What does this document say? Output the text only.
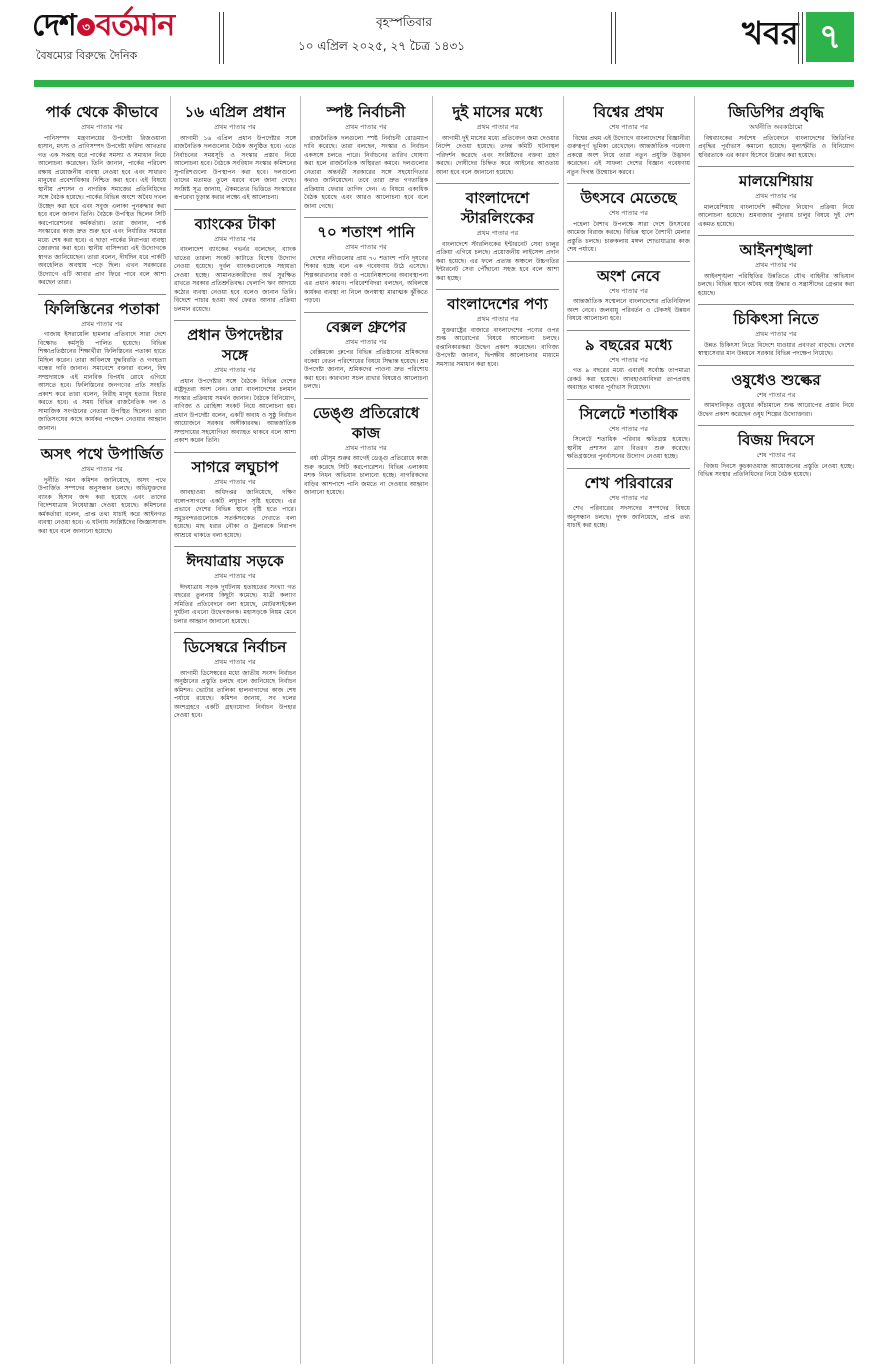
দেশ ৩ বর্তমান
বৈষম্যের বিরুদ্ধে দৈনিক
বৃহস্পতিবার
১০ এপ্রিল ২০২৫, ২৭ চৈত্র ১৪৩১	খবর ৭
পার্ক থেকে কীভাবে
প্রথম পাতার পর

পানিসম্পদ মন্ত্রণালয়ের উপদেষ্টা রিজওয়ানা হাসান, মৎস্য ও প্রাণিসম্পদ উপদেষ্টা ফরিদা আখতার গত এক সপ্তাহ ধরে পার্কের সমস্যা ও সমাধান নিয়ে আলোচনা করেছেন। তিনি জানান, পার্কের পরিবেশ রক্ষায় প্রয়োজনীয় ব্যবস্থা নেওয়া হবে এবং সাধারণ মানুষের প্রবেশাধিকার নিশ্চিত করা হবে। এই বিষয়ে স্থানীয় প্রশাসন ও নাগরিক সমাজের প্রতিনিধিদের সঙ্গে বৈঠক হয়েছে। পার্কের বিভিন্ন অংশে অবৈধ দখল উচ্ছেদ করা হবে এবং সবুজ এলাকা পুনরুদ্ধার করা হবে বলে জানান তিনি। বৈঠকে উপস্থিত ছিলেন সিটি করপোরেশনের কর্মকর্তারা। তারা জানান, পার্ক সংস্কারের কাজ দ্রুত শুরু হবে এবং নির্ধারিত সময়ের মধ্যে শেষ করা হবে। এ ছাড়া পার্কের নিরাপত্তা ব্যবস্থা জোরদার করা হবে। স্থানীয় বাসিন্দারা এই উদ্যোগকে স্বাগত জানিয়েছেন। তারা বলেন, দীর্ঘদিন ধরে পার্কটি অবহেলিত অবস্থায় পড়ে ছিল। এখন সরকারের উদ্যোগে এটি আবার প্রাণ ফিরে পাবে বলে আশা করছেন তারা।

ফিলিস্তিনের পতাকা
প্রথম পাতার পর

গাজায় ইসরায়েলি হামলার প্রতিবাদে সারা দেশে বিক্ষোভ কর্মসূচি পালিত হয়েছে। বিভিন্ন শিক্ষাপ্রতিষ্ঠানের শিক্ষার্থীরা ফিলিস্তিনের পতাকা হাতে মিছিল করেন। তারা অবিলম্বে যুদ্ধবিরতি ও গণহত্যা বন্ধের দাবি জানান। সমাবেশে বক্তারা বলেন, বিশ্ব সম্প্রদায়কে এই মানবিক বিপর্যয় রোধে এগিয়ে আসতে হবে। ফিলিস্তিনের জনগণের প্রতি সংহতি প্রকাশ করে তারা বলেন, নিরীহ মানুষ হত্যার বিচার করতে হবে। এ সময় বিভিন্ন রাজনৈতিক দল ও সামাজিক সংগঠনের নেতারা উপস্থিত ছিলেন। তারা জাতিসংঘের কাছে কার্যকর পদক্ষেপ নেওয়ার আহ্বান জানান।

অসৎ পথে উপার্জিত
প্রথম পাতার পর

দুর্নীতি দমন কমিশন জানিয়েছে, অসৎ পথে উপার্জিত সম্পদের অনুসন্ধান চলছে। অভিযুক্তদের ব্যাংক হিসাব জব্দ করা হয়েছে এবং তাদের বিদেশযাত্রায় নিষেধাজ্ঞা দেওয়া হয়েছে। কমিশনের কর্মকর্তারা বলেন, প্রাপ্ত তথ্য যাচাই করে আইনগত ব্যবস্থা নেওয়া হবে। এ ঘটনায় সংশ্লিষ্টদের জিজ্ঞাসাবাদ করা হবে বলে জানানো হয়েছে।

১৬ এপ্রিল প্রধান
প্রথম পাতার পর

আগামী ১৬ এপ্রিল প্রধান উপদেষ্টার সঙ্গে রাজনৈতিক দলগুলোর বৈঠক অনুষ্ঠিত হবে। এতে নির্বাচনের সময়সূচি ও সংস্কার প্রস্তাব নিয়ে আলোচনা হবে। বৈঠকে সংবিধান সংস্কার কমিশনের সুপারিশগুলো উপস্থাপন করা হবে। দলগুলো তাদের মতামত তুলে ধরবে বলে জানা গেছে। সংশ্লিষ্ট সূত্র জানায়, ঐকমত্যের ভিত্তিতে সংস্কারের রূপরেখা চূড়ান্ত করার লক্ষ্যে এই আলোচনা।

ব্যাংকের টাকা
প্রথম পাতার পর

বাংলাদেশ ব্যাংকের গভর্নর বলেছেন, ব্যাংক খাতের তারল্য সংকট কাটাতে বিশেষ উদ্যোগ নেওয়া হয়েছে। দুর্বল ব্যাংকগুলোকে সহায়তা দেওয়া হচ্ছে। আমানতকারীদের অর্থ সুরক্ষিত রাখতে সরকার প্রতিশ্রুতিবদ্ধ। খেলাপি ঋণ আদায়ে কঠোর ব্যবস্থা নেওয়া হবে বলেও জানান তিনি। বিদেশে পাচার হওয়া অর্থ ফেরত আনার প্রক্রিয়া চলমান রয়েছে।

প্রধান উপদেষ্টার সঙ্গে
প্রথম পাতার পর

প্রধান উপদেষ্টার সঙ্গে বৈঠকে বিভিন্ন দেশের রাষ্ট্রদূতরা অংশ নেন। তারা বাংলাদেশের চলমান সংস্কার প্রক্রিয়ায় সমর্থন জানান। বৈঠকে বিনিয়োগ, বাণিজ্য ও রোহিঙ্গা সংকট নিয়ে আলোচনা হয়। প্রধান উপদেষ্টা বলেন, একটি অবাধ ও সুষ্ঠু নির্বাচন আয়োজনে সরকার অঙ্গীকারবদ্ধ। আন্তর্জাতিক সম্প্রদায়ের সহযোগিতা অব্যাহত থাকবে বলে আশা প্রকাশ করেন তিনি।

সাগরে লঘুচাপ
প্রথম পাতার পর

আবহাওয়া অধিদপ্তর জানিয়েছে, দক্ষিণ বঙ্গোপসাগরে একটি লঘুচাপ সৃষ্টি হয়েছে। এর প্রভাবে দেশের বিভিন্ন স্থানে বৃষ্টি হতে পারে। সমুদ্রবন্দরগুলোকে সতর্কসংকেত দেখাতে বলা হয়েছে। মাছ ধরার নৌকা ও ট্রলারকে নিরাপদ আশ্রয়ে থাকতে বলা হয়েছে।

ঈদযাত্রায় সড়কে
প্রথম পাতার পর

ঈদযাত্রায় সড়ক দুর্ঘটনায় হতাহতের সংখ্যা গত বছরের তুলনায় কিছুটা কমেছে। যাত্রী কল্যাণ সমিতির প্রতিবেদনে বলা হয়েছে, মোটরসাইকেল দুর্ঘটনা এখনো উদ্বেগজনক। মহাসড়কে নিয়ম মেনে চলার আহ্বান জানানো হয়েছে।

ডিসেম্বরে নির্বাচন
প্রথম পাতার পর

আগামী ডিসেম্বরের মধ্যে জাতীয় সংসদ নির্বাচন অনুষ্ঠানের প্রস্তুতি চলছে বলে জানিয়েছে নির্বাচন কমিশন। ভোটার তালিকা হালনাগাদের কাজ শেষ পর্যায়ে রয়েছে। কমিশন জানায়, সব দলের অংশগ্রহণে একটি গ্রহণযোগ্য নির্বাচন উপহার দেওয়া হবে।

স্পষ্ট নির্বাচনী
প্রথম পাতার পর

রাজনৈতিক দলগুলো স্পষ্ট নির্বাচনী রোডম্যাপ দাবি করেছে। তারা বলছেন, সংস্কার ও নির্বাচন একসঙ্গে চলতে পারে। নির্বাচনের তারিখ ঘোষণা করা হলে রাজনৈতিক অস্থিরতা কমবে। দলগুলোর নেতারা অন্তর্বর্তী সরকারের সঙ্গে সহযোগিতার কথাও জানিয়েছেন। তবে তারা দ্রুত গণতান্ত্রিক প্রক্রিয়ায় ফেরার তাগিদ দেন। এ বিষয়ে একাধিক বৈঠক হয়েছে এবং আরও আলোচনা হবে বলে জানা গেছে।

৭০ শতাংশ পানি
প্রথম পাতার পর

দেশের নদীগুলোর প্রায় ৭০ শতাংশ পানি দূষণের শিকার হচ্ছে বলে এক গবেষণায় উঠে এসেছে। শিল্পকারখানার বর্জ্য ও পয়োনিষ্কাশনের অব্যবস্থাপনা এর প্রধান কারণ। পরিবেশবিদরা বলছেন, অবিলম্বে কার্যকর ব্যবস্থা না নিলে জনস্বাস্থ্য মারাত্মক ঝুঁকিতে পড়বে।

বেক্সল গ্রুপের
প্রথম পাতার পর

বেক্সিমকো গ্রুপের বিভিন্ন প্রতিষ্ঠানের শ্রমিকদের বকেয়া বেতন পরিশোধের বিষয়ে সিদ্ধান্ত হয়েছে। শ্রম উপদেষ্টা জানান, শ্রমিকদের পাওনা দ্রুত পরিশোধ করা হবে। কারখানা সচল রাখার বিষয়েও আলোচনা চলছে।

ডেঙ্গু প্রতিরোধে কাজ
প্রথম পাতার পর

বর্ষা মৌসুম শুরুর আগেই ডেঙ্গু প্রতিরোধে কাজ শুরু করেছে সিটি করপোরেশন। বিভিন্ন এলাকায় মশক নিধন অভিযান চালানো হচ্ছে। নাগরিকদের বাড়ির আশপাশে পানি জমতে না দেওয়ার আহ্বান জানানো হয়েছে।

দুই মাসের মধ্যে
প্রথম পাতার পর

আগামী দুই মাসের মধ্যে প্রতিবেদন জমা দেওয়ার নির্দেশ দেওয়া হয়েছে। তদন্ত কমিটি ঘটনাস্থল পরিদর্শন করেছে এবং সংশ্লিষ্টদের বক্তব্য গ্রহণ করছে। দোষীদের চিহ্নিত করে আইনের আওতায় আনা হবে বলে জানানো হয়েছে।

বাংলাদেশে স্টারলিংকের
প্রথম পাতার পর

বাংলাদেশে স্টারলিংকের ইন্টারনেট সেবা চালুর প্রক্রিয়া এগিয়ে চলছে। প্রয়োজনীয় লাইসেন্স প্রদান করা হয়েছে। এর ফলে প্রত্যন্ত অঞ্চলে উচ্চগতির ইন্টারনেট সেবা পৌঁছানো সহজ হবে বলে আশা করা হচ্ছে।

বাংলাদেশের পণ্য
প্রথম পাতার পর

যুক্তরাষ্ট্রের বাজারে বাংলাদেশের পণ্যের ওপর শুল্ক আরোপের বিষয়ে আলোচনা চলছে। রপ্তানিকারকরা উদ্বেগ প্রকাশ করেছেন। বাণিজ্য উপদেষ্টা জানান, দ্বিপক্ষীয় আলোচনার মাধ্যমে সমস্যার সমাধান করা হবে।

বিশ্বের প্রথম
শেষ পাতার পর

বিশ্বের প্রথম এই উদ্যোগে বাংলাদেশের বিজ্ঞানীরা গুরুত্বপূর্ণ ভূমিকা রেখেছেন। আন্তর্জাতিক গবেষণা প্রকল্পে অংশ নিয়ে তারা নতুন প্রযুক্তি উদ্ভাবন করেছেন। এই সাফল্য দেশের বিজ্ঞান গবেষণায় নতুন দিগন্ত উন্মোচন করবে।

উৎসবে মেতেছে
শেষ পাতার পর

পহেলা বৈশাখ উপলক্ষে সারা দেশে উৎসবের আমেজ বিরাজ করছে। বিভিন্ন স্থানে বৈশাখী মেলার প্রস্তুতি চলছে। চারুকলায় মঙ্গল শোভাযাত্রার কাজ শেষ পর্যায়ে।

অংশ নেবে
শেষ পাতার পর

আন্তর্জাতিক সম্মেলনে বাংলাদেশের প্রতিনিধিদল অংশ নেবে। জলবায়ু পরিবর্তন ও টেকসই উন্নয়ন বিষয়ে আলোচনা হবে।

৯ বছরের মধ্যে
শেষ পাতার পর

গত ৯ বছরের মধ্যে এবারই সর্বোচ্চ তাপমাত্রা রেকর্ড করা হয়েছে। আবহাওয়াবিদরা তাপপ্রবাহ অব্যাহত থাকার পূর্বাভাস দিয়েছেন।

সিলেটে শতাধিক
শেষ পাতার পর

সিলেটে শতাধিক পরিবার ক্ষতিগ্রস্ত হয়েছে। স্থানীয় প্রশাসন ত্রাণ বিতরণ শুরু করেছে। ক্ষতিগ্রস্তদের পুনর্বাসনের উদ্যোগ নেওয়া হচ্ছে।

শেখ পরিবারের
শেষ পাতার পর

শেখ পরিবারের সদস্যদের সম্পদের বিষয়ে অনুসন্ধান চলছে। দুদক জানিয়েছে, প্রাপ্ত তথ্য যাচাই করা হচ্ছে।

জিডিপির প্রবৃদ্ধি
অর্থনীতি অবকাঠামো

বিশ্বব্যাংকের সর্বশেষ প্রতিবেদনে বাংলাদেশের জিডিপির প্রবৃদ্ধির পূর্বাভাস কমানো হয়েছে। মূল্যস্ফীতি ও বিনিয়োগ স্থবিরতাকে এর কারণ হিসেবে উল্লেখ করা হয়েছে।

মালয়েশিয়ায়
প্রথম পাতার পর

মালয়েশিয়ায় বাংলাদেশি কর্মীদের নিয়োগ প্রক্রিয়া নিয়ে আলোচনা হয়েছে। শ্রমবাজার পুনরায় চালুর বিষয়ে দুই দেশ একমত হয়েছে।

আইনশৃঙ্খলা
প্রথম পাতার পর

আইনশৃঙ্খলা পরিস্থিতির উন্নতিতে যৌথ বাহিনীর অভিযান চলছে। বিভিন্ন স্থানে অবৈধ অস্ত্র উদ্ধার ও সন্ত্রাসীদের গ্রেপ্তার করা হয়েছে।

চিকিৎসা নিতে
প্রথম পাতার পর

উন্নত চিকিৎসা নিতে বিদেশে যাওয়ার প্রবণতা বাড়ছে। দেশের স্বাস্থ্যসেবার মান উন্নয়নে সরকার বিভিন্ন পদক্ষেপ নিয়েছে।

ওষুধেও শুল্কের
শেষ পাতার পর

আমদানিকৃত ওষুধের কাঁচামালে শুল্ক আরোপের প্রস্তাব নিয়ে উদ্বেগ প্রকাশ করেছেন ওষুধ শিল্পের উদ্যোক্তারা।

বিজয় দিবসে
শেষ পাতার পর

বিজয় দিবসে কুচকাওয়াজ আয়োজনের প্রস্তুতি নেওয়া হচ্ছে। বিভিন্ন সংস্থার প্রতিনিধিদের নিয়ে বৈঠক হয়েছে।
